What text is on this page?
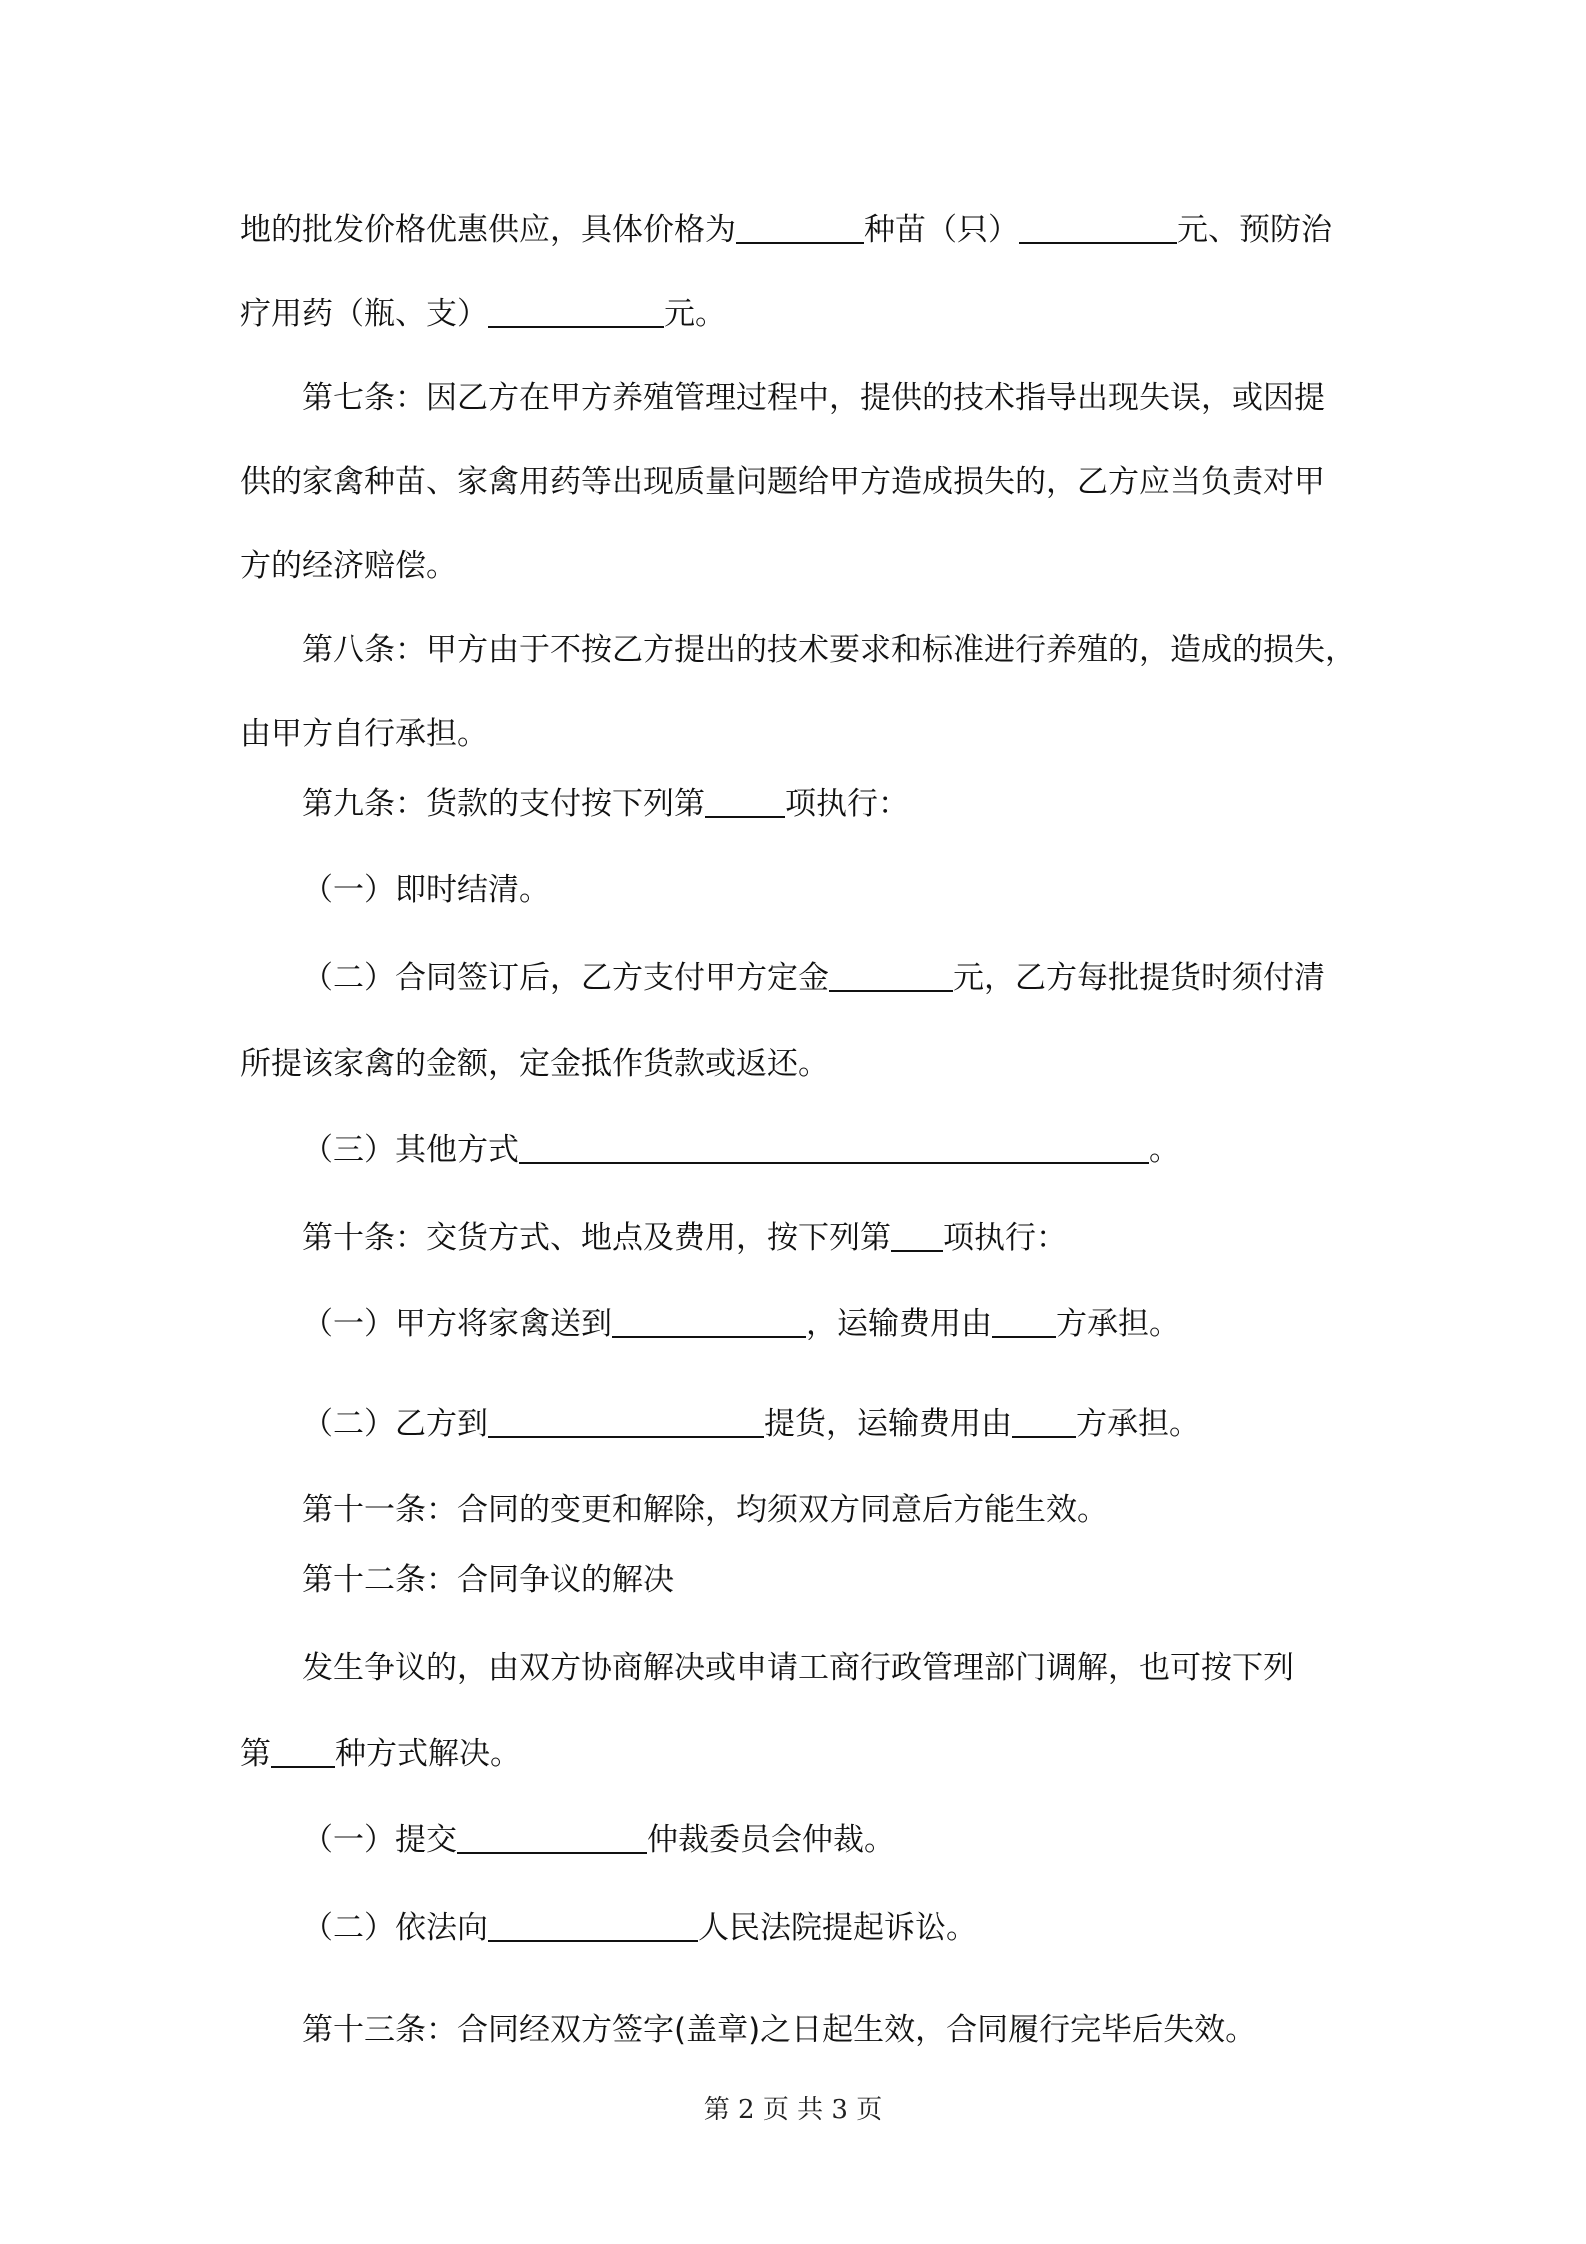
地的批发价格优惠供应，具体价格为	种苗（只）	元、预防治
疗用药（瓶、支）	元。
第七条：因乙方在甲方养殖管理过程中，提供的技术指导出现失误，或因提
供的家禽种苗、家禽用药等出现质量问题给甲方造成损失的，乙方应当负责对甲
方的经济赔偿。
第八条：甲方由于不按乙方提出的技术要求和标准进行养殖的，造成的损失，
由甲方自行承担。
第九条：货款的支付按下列第	项执行：
（一）即时结清。
（二）合同签订后，乙方支付甲方定金	元，乙方每批提货时须付清
所提该家禽的金额，定金抵作货款或返还。
（三）其他方式	。
第十条：交货方式、地点及费用，按下列第 项执行：
（一）甲方将家禽送到	，运输费用由 方承担。
（二）乙方到	提货，运输费用由 方承担。
第十一条：合同的变更和解除，均须双方同意后方能生效。
第十二条：合同争议的解决
发生争议的，由双方协商解决或申请工商行政管理部门调解，也可按下列
第 种方式解决。
（一）提交	仲裁委员会仲裁。
（二）依法向	人民法院提起诉讼。
第十三条：合同经双方签字(盖章)之日起生效，合同履行完毕后失效。
第 2 页 共 3 页
